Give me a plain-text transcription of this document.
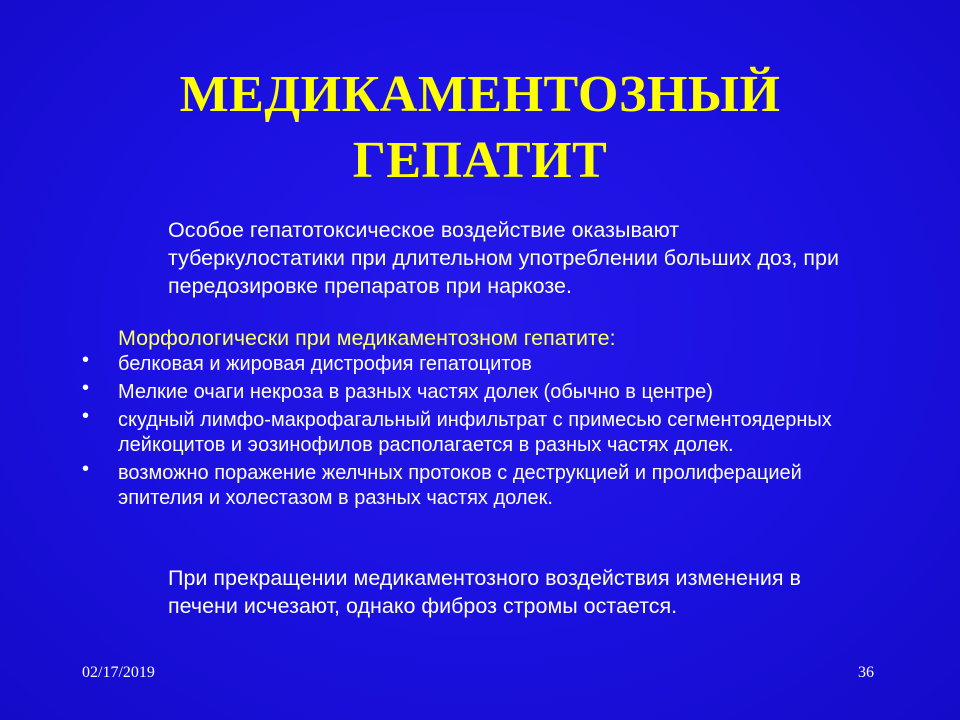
МЕДИКАМЕНТОЗНЫЙ
ГЕПАТИТ
Особое гепатотоксическое воздействие оказывают туберкулостатики при длительном употреблении больших доз, при передозировке препаратов при наркозе.
Морфологически при медикаментозном гепатите:
• белковая и жировая дистрофия гепатоцитов
• Мелкие очаги некроза в разных частях долек (обычно в центре)
• скудный лимфо-макрофагальный инфильтрат с примесью сегментоядерных лейкоцитов и эозинофилов располагается в разных частях долек.
• возможно поражение желчных протоков с деструкцией и пролиферацией эпителия и холестазом в разных частях долек.
При прекращении медикаментозного воздействия изменения в печени исчезают, однако фиброз стромы остается.
02/17/2019	36
